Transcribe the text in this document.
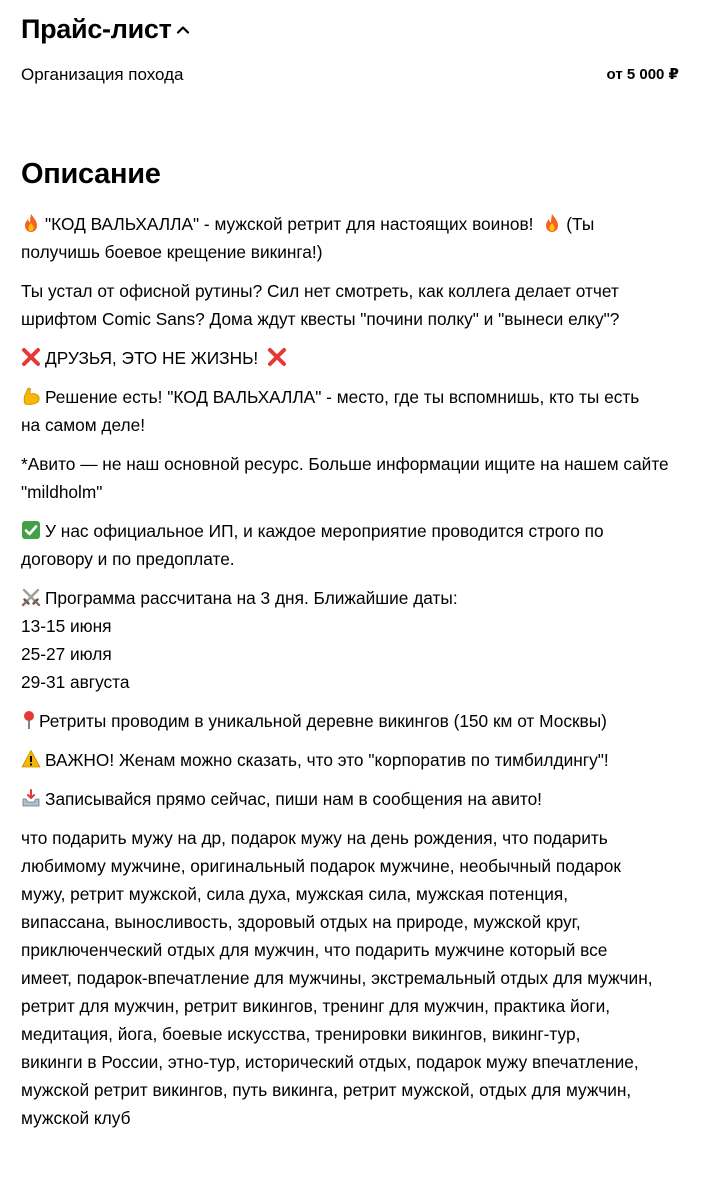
Прайс-лист
Организация похода	от 5 000 ₽
Описание

"КОД ВАЛЬХАЛЛА" - мужской ретрит для настоящих воинов! (Ты
получишь боевое крещение викинга!)

Ты устал от офисной рутины? Сил нет смотреть, как коллега делает отчет
шрифтом Comic Sans? Дома ждут квесты "почини полку" и "вынеси елку"?

ДРУЗЬЯ, ЭТО НЕ ЖИЗНЬ!

Решение есть! "КОД ВАЛЬХАЛЛА" - место, где ты вспомнишь, кто ты есть
на самом деле!

*Авито — не наш основной ресурс. Больше информации ищите на нашем сайте
"mildholm"

У нас официальное ИП, и каждое мероприятие проводится строго по
договору и по предоплате.

Программа рассчитана на 3 дня. Ближайшие даты:
13-15 июня
25-27 июля
29-31 августа

Ретриты проводим в уникальной деревне викингов (150 км от Москвы)

ВАЖНО! Женам можно сказать, что это "корпоратив по тимбилдингу"!

Записывайся прямо сейчас, пиши нам в сообщения на авито!

что подарить мужу на др, подарок мужу на день рождения, что подарить
любимому мужчине, оригинальный подарок мужчине, необычный подарок
мужу, ретрит мужской, сила духа, мужская сила, мужская потенция,
випассана, выносливость, здоровый отдых на природе, мужской круг,
приключенческий отдых для мужчин, что подарить мужчине который все
имеет, подарок-впечатление для мужчины, экстремальный отдых для мужчин,
ретрит для мужчин, ретрит викингов, тренинг для мужчин, практика йоги,
медитация, йога, боевые искусства, тренировки викингов, викинг-тур,
викинги в России, этно-тур, исторический отдых, подарок мужу впечатление,
мужской ретрит викингов, путь викинга, ретрит мужской, отдых для мужчин,
мужской клуб
